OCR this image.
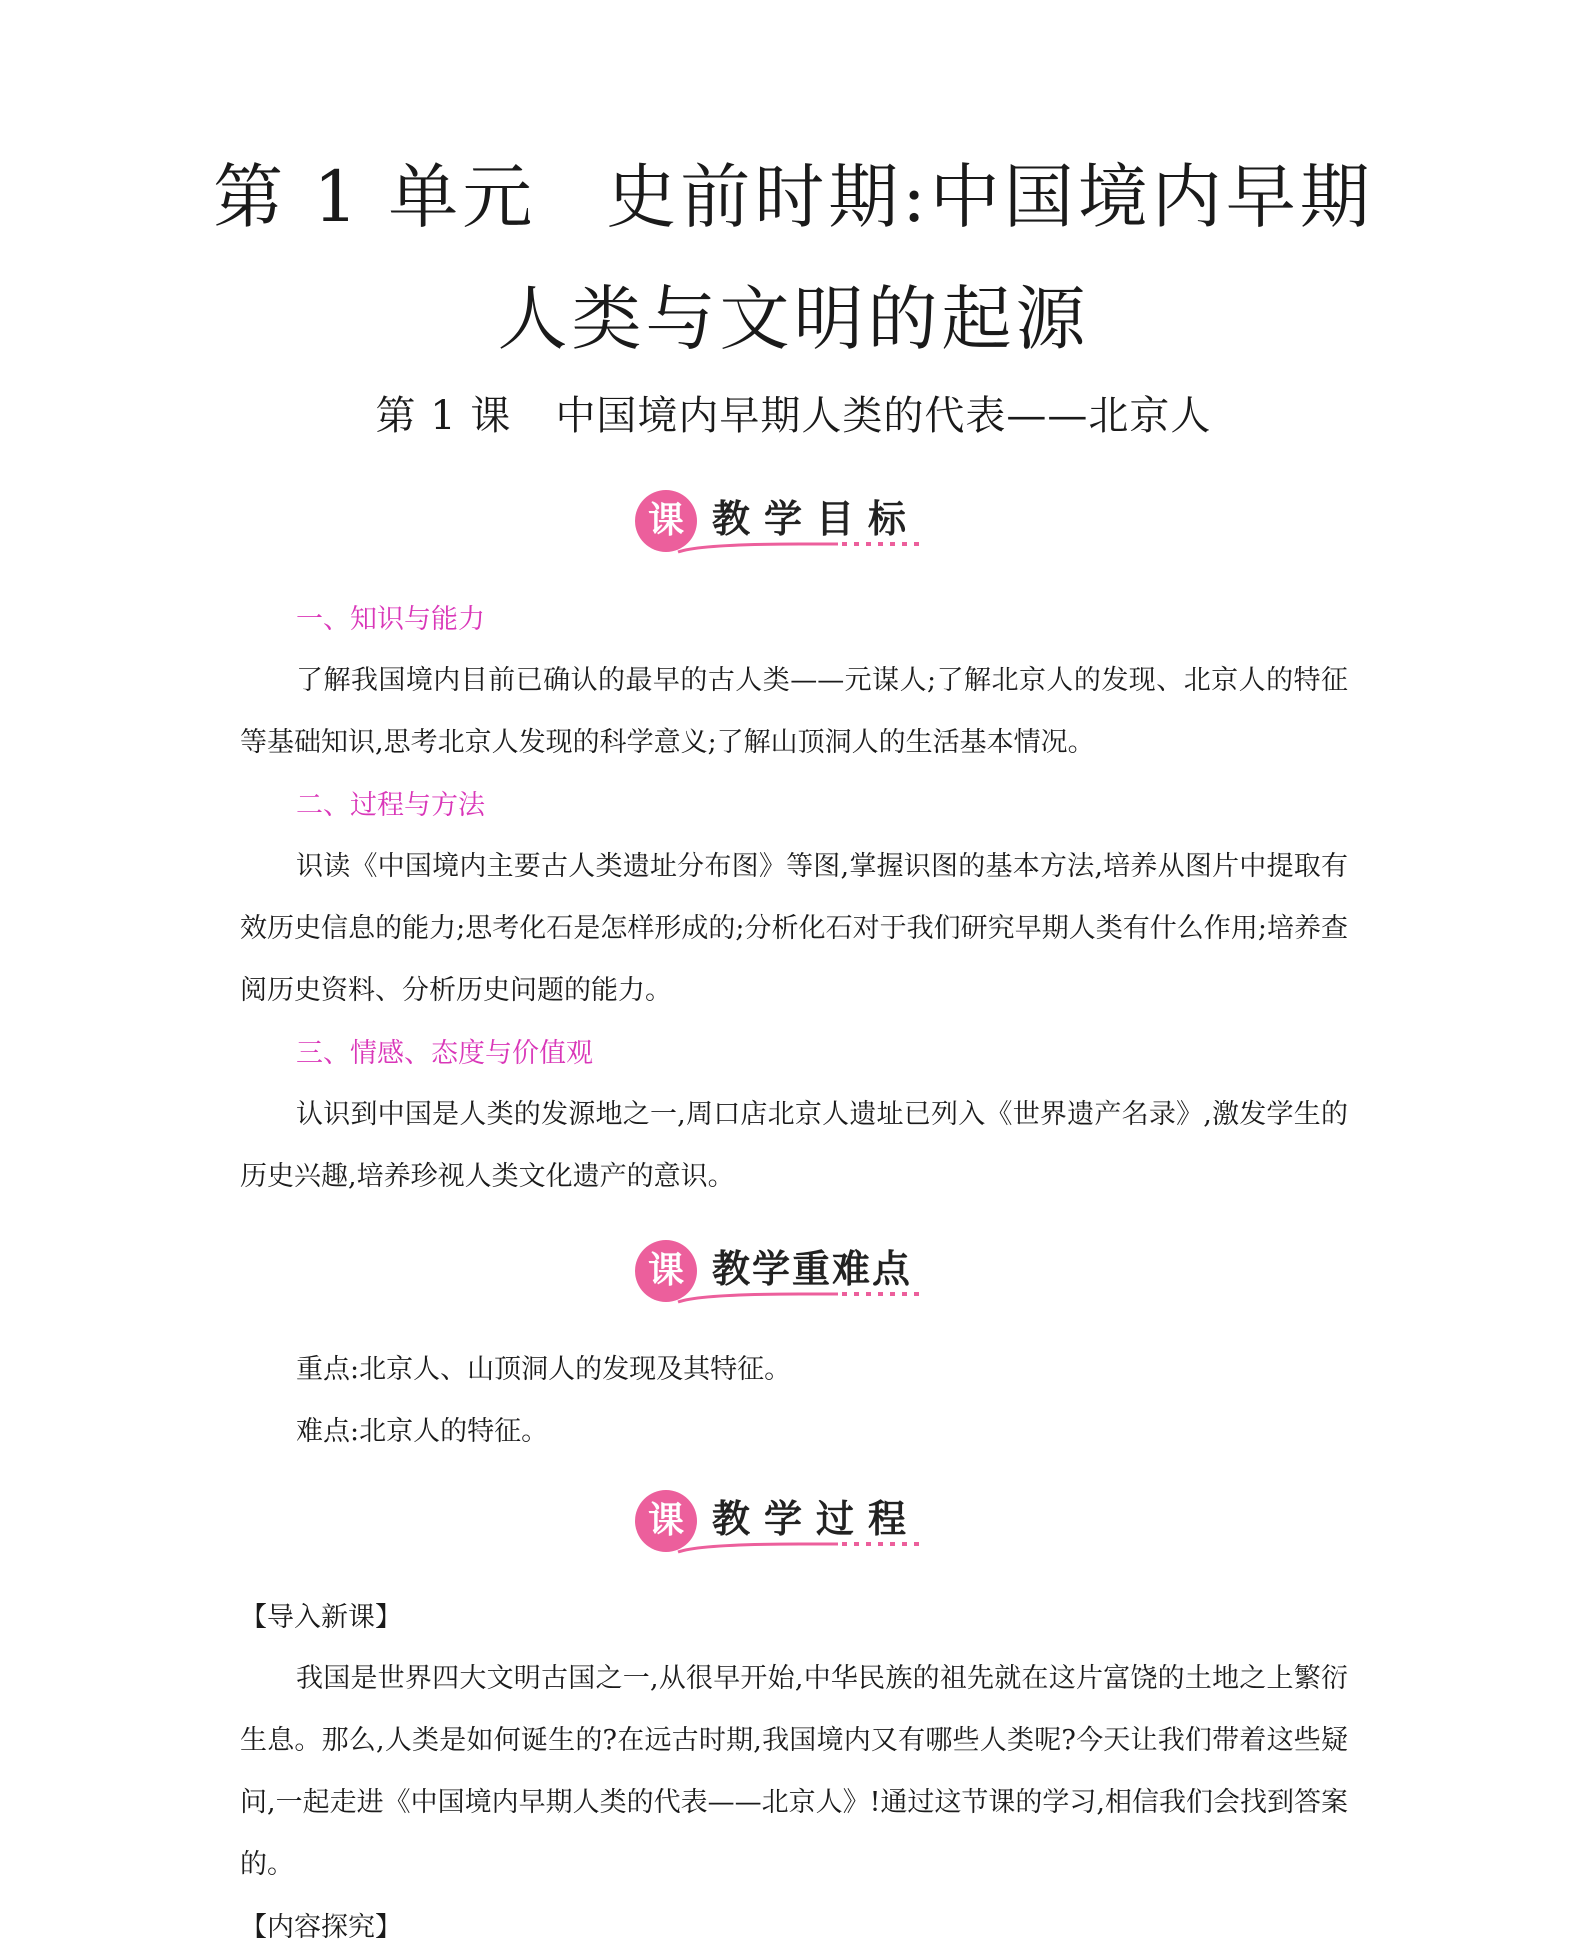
第 1 单元 史前时期:中国境内早期
人类与文明的起源
第 1 课 中国境内早期人类的代表——北京人
课 教学目标
一、知识与能力

了解我国境内目前已确认的最早的古人类——元谋人;了解北京人的发现、北京人的特征等基础知识,思考北京人发现的科学意义;了解山顶洞人的生活基本情况。

二、过程与方法

识读《中国境内主要古人类遗址分布图》等图,掌握识图的基本方法,培养从图片中提取有效历史信息的能力;思考化石是怎样形成的;分析化石对于我们研究早期人类有什么作用;培养查阅历史资料、分析历史问题的能力。

三、情感、态度与价值观

认识到中国是人类的发源地之一,周口店北京人遗址已列入《世界遗产名录》,激发学生的历史兴趣,培养珍视人类文化遗产的意识。

课 教学重难点
重点:北京人、山顶洞人的发现及其特征。
难点:北京人的特征。
课 教学过程
【导入新课】

我国是世界四大文明古国之一,从很早开始,中华民族的祖先就在这片富饶的土地之上繁衍生息。那么,人类是如何诞生的?在远古时期,我国境内又有哪些人类呢?今天让我们带着这些疑问,一起走进《中国境内早期人类的代表——北京人》!通过这节课的学习,相信我们会找到答案的。

【内容探究】
